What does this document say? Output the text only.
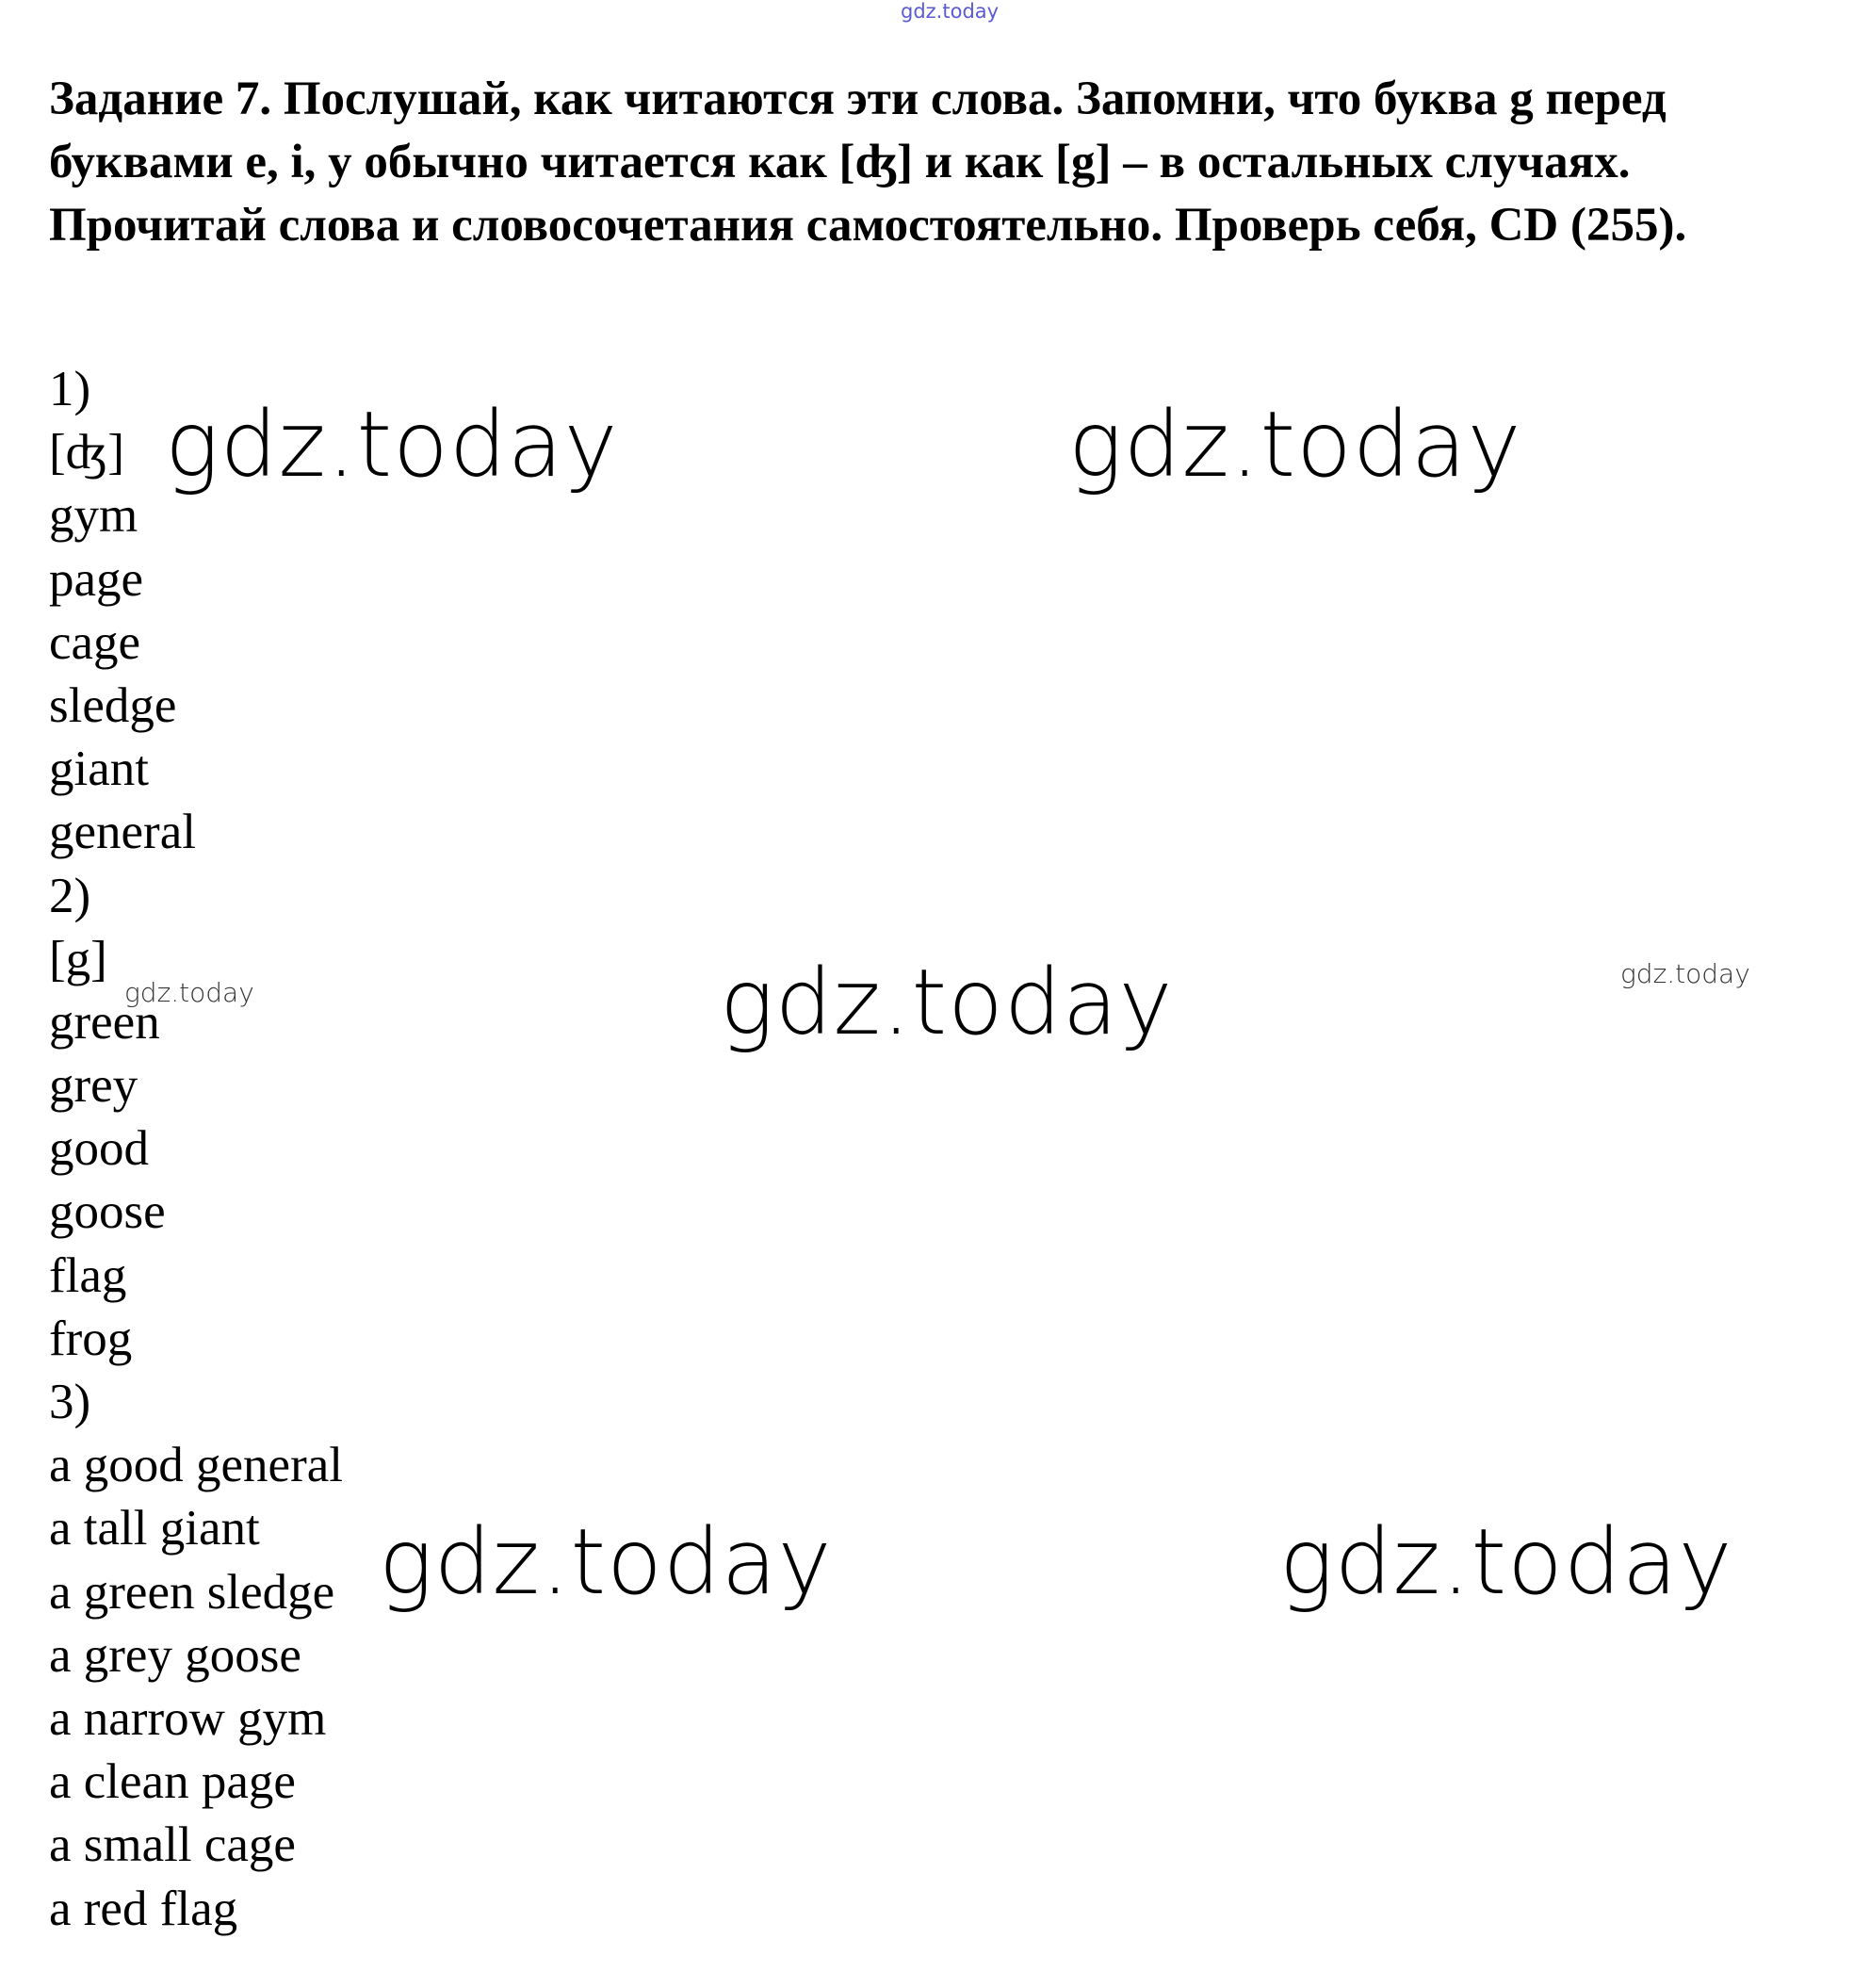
gdz.today

Задание 7. Послушай, как читаются эти слова. Запомни, что буква g перед буквами e, i, y обычно читается как [ʤ] и как [g] – в остальных случаях. Прочитай слова и словосочетания самостоятельно. Проверь себя, CD (255).

1)
[ʤ]
gym
page
cage
sledge
giant
general
2)
[g]
green
grey
good
goose
flag
frog
3)
a good general
a tall giant
a green sledge
a grey goose
a narrow gym
a clean page
a small cage
a red flag
gdz.today	gdz.today
gdz.today
gdz.today	gdz.today
gdz.today
gdz.today
